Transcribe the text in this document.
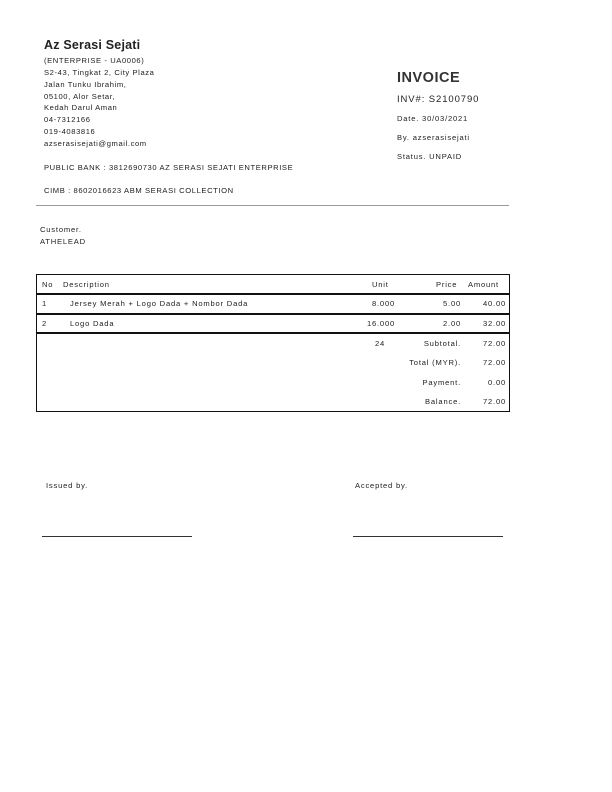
Az Serasi Sejati
(ENTERPRISE - UA0006)
S2-43, Tingkat 2, City Plaza
Jalan Tunku Ibrahim,
05100, Alor Setar,
Kedah Darul Aman
04-7312166
019-4083816
azserasisejati@gmail.com
PUBLIC BANK : 3812690730 AZ SERASI SEJATI ENTERPRISE
CIMB : 8602016623 ABM SERASI COLLECTION
INVOICE
INV#: S2100790
Date. 30/03/2021
By. azserasisejati
Status. UNPAID
Customer.
ATHELEAD
No Description	Unit	Price Amount
1	Jersey Merah + Logo Dada + Nombor Dada	8.000	5.00	40.00
2	Logo Dada	16.000	2.00	32.00
24	Subtotal.	72.00
Total (MYR).	72.00
Payment.	0.00
Balance.	72.00
Issued by.	Accepted by.
